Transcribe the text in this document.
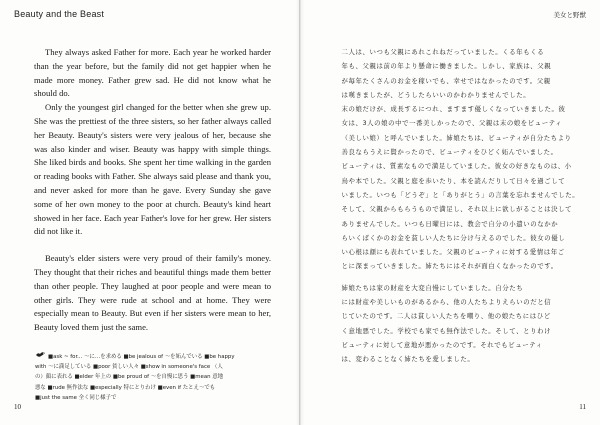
Beauty and the Beast

They always asked Father for more. Each year he worked harder than the year before, but the family did not get happier when he made more money. Father grew sad. He did not know what he should do.

Only the youngest girl changed for the better when she grew up. She was the prettiest of the three sisters, so her father always called her Beauty. Beauty's sisters were very jealous of her, because she was also kinder and wiser. Beauty was happy with simple things. She liked birds and books. She spent her time walking in the garden or reading books with Father. She always said please and thank you, and never asked for more than he gave. Every Sunday she gave some of her own money to the poor at church. Beauty's kind heart showed in her face. Each year Father's love for her grew. Her sisters did not like it.

Beauty's elder sisters were very proud of their family's money. They thought that their riches and beautiful things made them better than other people. They laughed at poor people and were mean to other girls. They were rude at school and at home. They were especially mean to Beauty. But even if her sisters were mean to her, Beauty loved them just the same.

■ask ~ for... ～に…を求める ■be jealous of ～を妬んでいる ■be happy
with ～に満足している ■poor 貧しい人々 ■show in someone's face （人
の）顔に表れる ■elder 年上の ■be proud of ～を自慢に思う ■mean 意地
悪な ■rude 無作法な ■especially 特にとりわけ ■even if たとえ～でも
■just the same 全く同じ様子で
10
美女と野獣
11

二人は、いつも父親にあれこれねだっていました。くる年もくる
年も、父親は前の年より懸命に働きました。しかし、家族は、父親
が毎年たくさんのお金を稼いでも、幸せではなかったのです。父親
は嘆きましたが、どうしたらいいのかわかりませんでした。

末の娘だけが、成長するにつれ、ますます優しくなっていきました。彼
女は、3人の娘の中で一番美しかったので、父親は末の娘をビューティ
（美しい娘）と呼んでいました。姉娘たちは、ビューティが自分たちより
善良ならうえに賢かったので、ビューティをひどく妬んでいました。
ビューティは、質素なもので満足していました。彼女の好きなものは、小
鳥や本でした。父親と庭を歩いたり、本を読んだりして日々を過ごして
いました。いつも「どうぞ」と「ありがとう」の言葉を忘れませんでした。
そして、父親からもらうもので満足し、それ以上に欲しがることは決して
ありませんでした。いつも日曜日には、教会で自分の小遣いのなかか
らいくばくかのお金を貧しい人たちに分け与えるのでした。彼女の優し
い心根は顔にも表れていました。父親のビューティに対する愛情は年ご
とに深まっていきました。姉たちにはそれが面白くなかったのです。

姉娘たちは家の財産を大変自慢にしていました。自分たち
には財産や美しいものがあるから、他の人たちよりえらいのだと信
じていたのです。二人は貧しい人たちを嘲り、他の娘たちにはひど
く意地悪でした。学校でも家でも無作法でした。そして、とりわけ
ビューティに対して意地が悪かったのです。それでもビューティ
は、変わることなく姉たちを愛しました。
